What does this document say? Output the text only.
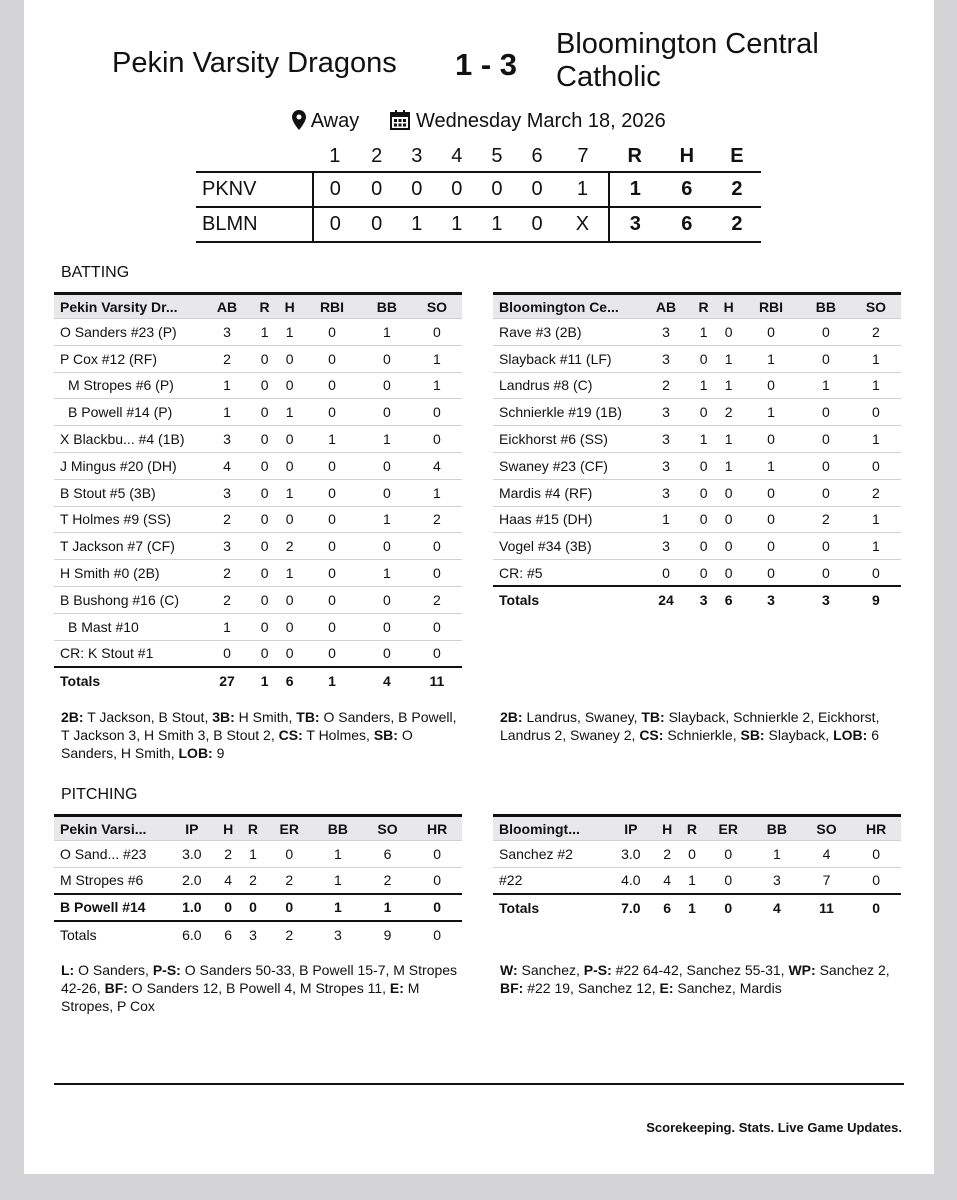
Pekin Varsity Dragons 1 - 3
Bloomington Central Catholic
Away	Wednesday March 18, 2026
	1	2	3	4	5	6	7	R	H	E
PKNV	0	0	0	0	0	0	1	1	6	2
BLMN	0	0	1	1	1	0	X	3	6	2
BATTING
Pekin Varsity Dr...	AB	R	H	RBI	BB	SO
O Sanders #23 (P)	3	1	1	0	1	0
P Cox #12 (RF)	2	0	0	0	0	1
M Stropes #6 (P)	1	0	0	0	0	1
B Powell #14 (P)	1	0	1	0	0	0
X Blackbu... #4 (1B)	3	0	0	1	1	0
J Mingus #20 (DH)	4	0	0	0	0	4
B Stout #5 (3B)	3	0	1	0	0	1
T Holmes #9 (SS)	2	0	0	0	1	2
T Jackson #7 (CF)	3	0	2	0	0	0
H Smith #0 (2B)	2	0	1	0	1	0
B Bushong #16 (C)	2	0	0	0	0	2
B Mast #10	1	0	0	0	0	0
CR: K Stout #1	0	0	0	0	0	0
Totals	27	1	6	1	4	11
Bloomington Ce...	AB	R	H	RBI	BB	SO
Rave #3 (2B)	3	1	0	0	0	2
Slayback #11 (LF)	3	0	1	1	0	1
Landrus #8 (C)	2	1	1	0	1	1
Schnierkle #19 (1B)	3	0	2	1	0	0
Eickhorst #6 (SS)	3	1	1	0	0	1
Swaney #23 (CF)	3	0	1	1	0	0
Mardis #4 (RF)	3	0	0	0	0	2
Haas #15 (DH)	1	0	0	0	2	1
Vogel #34 (3B)	3	0	0	0	0	1
CR: #5	0	0	0	0	0	0
Totals	24	3	6	3	3	9
2B: T Jackson, B Stout, 3B: H Smith, TB: O Sanders, B Powell, T Jackson 3, H Smith 3, B Stout 2, CS: T Holmes, SB: O Sanders, H Smith, LOB: 9
2B: Landrus, Swaney, TB: Slayback, Schnierkle 2, Eickhorst, Landrus 2, Swaney 2, CS: Schnierkle, SB: Slayback, LOB: 6
PITCHING
Pekin Varsi...	IP	H	R	ER	BB	SO	HR
O Sand... #23	3.0	2	1	0	1	6	0
M Stropes #6	2.0	4	2	2	1	2	0
B Powell #14	1.0	0	0	0	1	1	0
Totals	6.0	6	3	2	3	9	0
Bloomingt...	IP	H	R	ER	BB	SO	HR
Sanchez #2	3.0	2	0	0	1	4	0
#22	4.0	4	1	0	3	7	0
Totals	7.0	6	1	0	4	11	0
L: O Sanders, P-S: O Sanders 50-33, B Powell 15-7, M Stropes 42-26, BF: O Sanders 12, B Powell 4, M Stropes 11, E: M Stropes, P Cox
W: Sanchez, P-S: #22 64-42, Sanchez 55-31, WP: Sanchez 2, BF: #22 19, Sanchez 12, E: Sanchez, Mardis
Scorekeeping. Stats. Live Game Updates.
